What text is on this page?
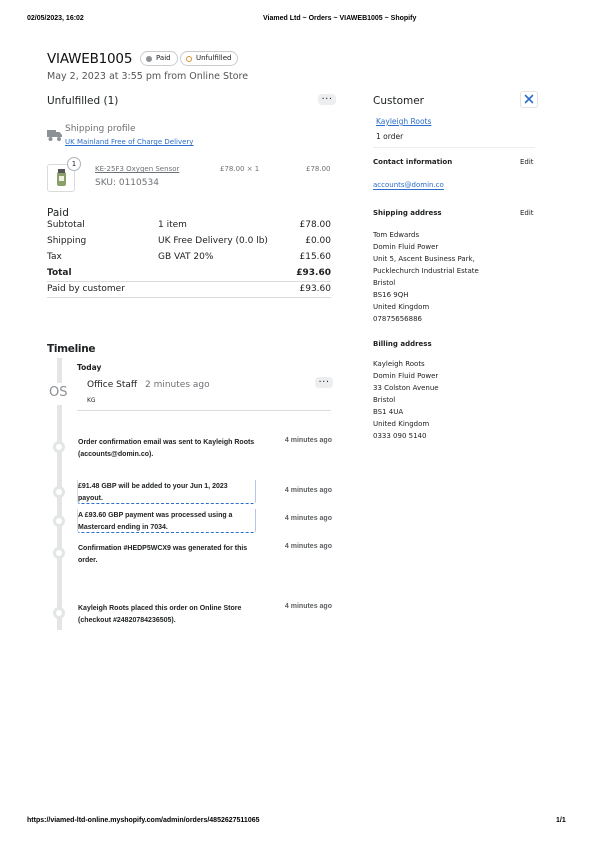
02/05/2023, 16:02	Viamed Ltd ~ Orders ~ VIAWEB1005 ~ Shopify
VIAWEB1005	Paid	Unfulfilled
May 2, 2023 at 3:55 pm from Online Store
Unfulfilled (1)	...
Shipping profile
UK Mainland Free of Charge Delivery
1
KE-25F3 Oxygen Sensor
SKU: 0110534
£78.00 × 1	£78.00
Paid
Subtotal	1 item	£78.00
Shipping	UK Free Delivery (0.0 lb)	£0.00
Tax	GB VAT 20%	£15.60
Total	£93.60
Paid by customer	£93.60
Timeline
Today
OS Office Staff 2 minutes ago
KG
...
Order confirmation email was sent to Kayleigh Roots (accounts@domin.co).
4 minutes ago
£91.48 GBP will be added to your Jun 1, 2023 payout.
4 minutes ago
A £93.60 GBP payment was processed using a Mastercard ending in 7034.
4 minutes ago
Confirmation #HEDP5WCX9 was generated for this order.
4 minutes ago
Kayleigh Roots placed this order on Online Store (checkout #24820784236505).
4 minutes ago
Customer
Kayleigh Roots
1 order
Contact information	Edit
accounts@domin.co
Shipping address	Edit
Tom Edwards
Domin Fluid Power
Unit 5, Ascent Business Park,
Pucklechurch Industrial Estate
Bristol
BS16 9QH
United Kingdom
07875656886
Billing address
Kayleigh Roots
Domin Fluid Power
33 Colston Avenue
Bristol
BS1 4UA
United Kingdom
0333 090 5140
https://viamed-ltd-online.myshopify.com/admin/orders/4852627511065	1/1
